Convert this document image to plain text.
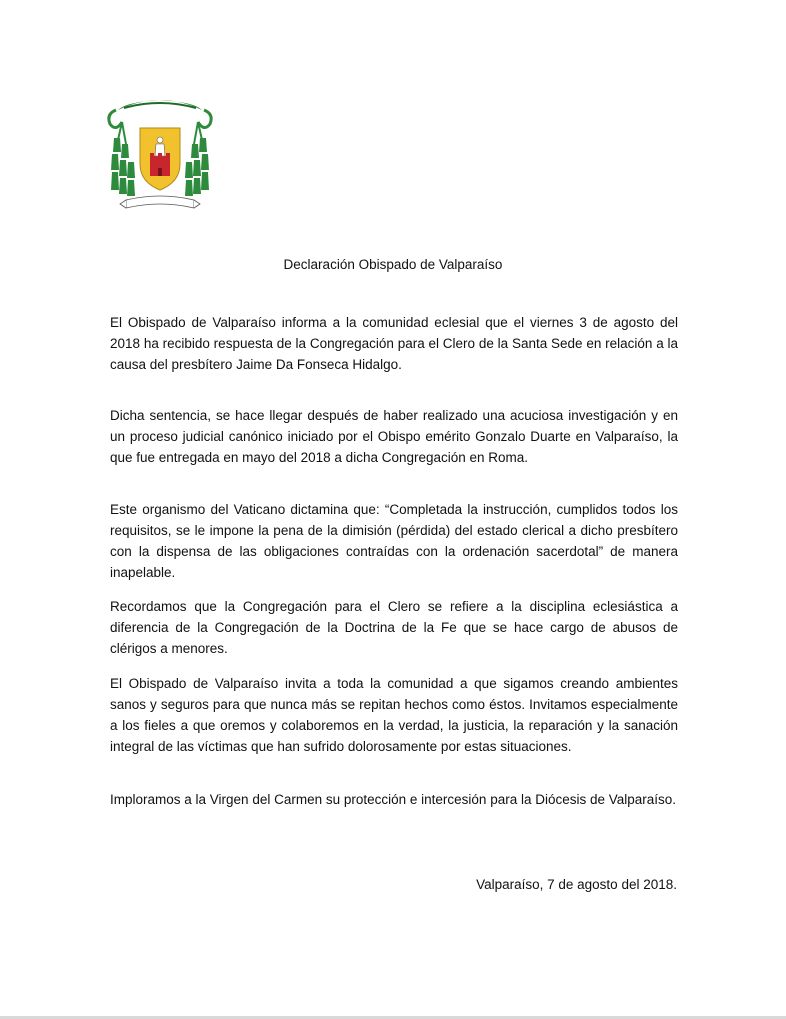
Declaración Obispado de Valparaíso

El Obispado de Valparaíso informa a la comunidad eclesial que el viernes 3 de agosto del 2018 ha recibido respuesta de la Congregación para el Clero de la Santa Sede en relación a la causa del presbítero Jaime Da Fonseca Hidalgo.

Dicha sentencia, se hace llegar después de haber realizado una acuciosa investigación y en un proceso judicial canónico iniciado por el Obispo emérito Gonzalo Duarte en Valparaíso, la que fue entregada en mayo del 2018 a dicha Congregación en Roma.

Este organismo del Vaticano dictamina que: “Completada la instrucción, cumplidos todos los requisitos, se le impone la pena de la dimisión (pérdida) del estado clerical a dicho presbítero con la dispensa de las obligaciones contraídas con la ordenación sacerdotal” de manera inapelable.

Recordamos que la Congregación para el Clero se refiere a la disciplina eclesiástica a diferencia de la Congregación de la Doctrina de la Fe que se hace cargo de abusos de clérigos a menores.

El Obispado de Valparaíso invita a toda la comunidad a que sigamos creando ambientes sanos y seguros para que nunca más se repitan hechos como éstos. Invitamos especialmente a los fieles a que oremos y colaboremos en la verdad, la justicia, la reparación y la sanación integral de las víctimas que han sufrido dolorosamente por estas situaciones.

Imploramos a la Virgen del Carmen su protección e intercesión para la Diócesis de Valparaíso.

Valparaíso, 7 de agosto del 2018.
